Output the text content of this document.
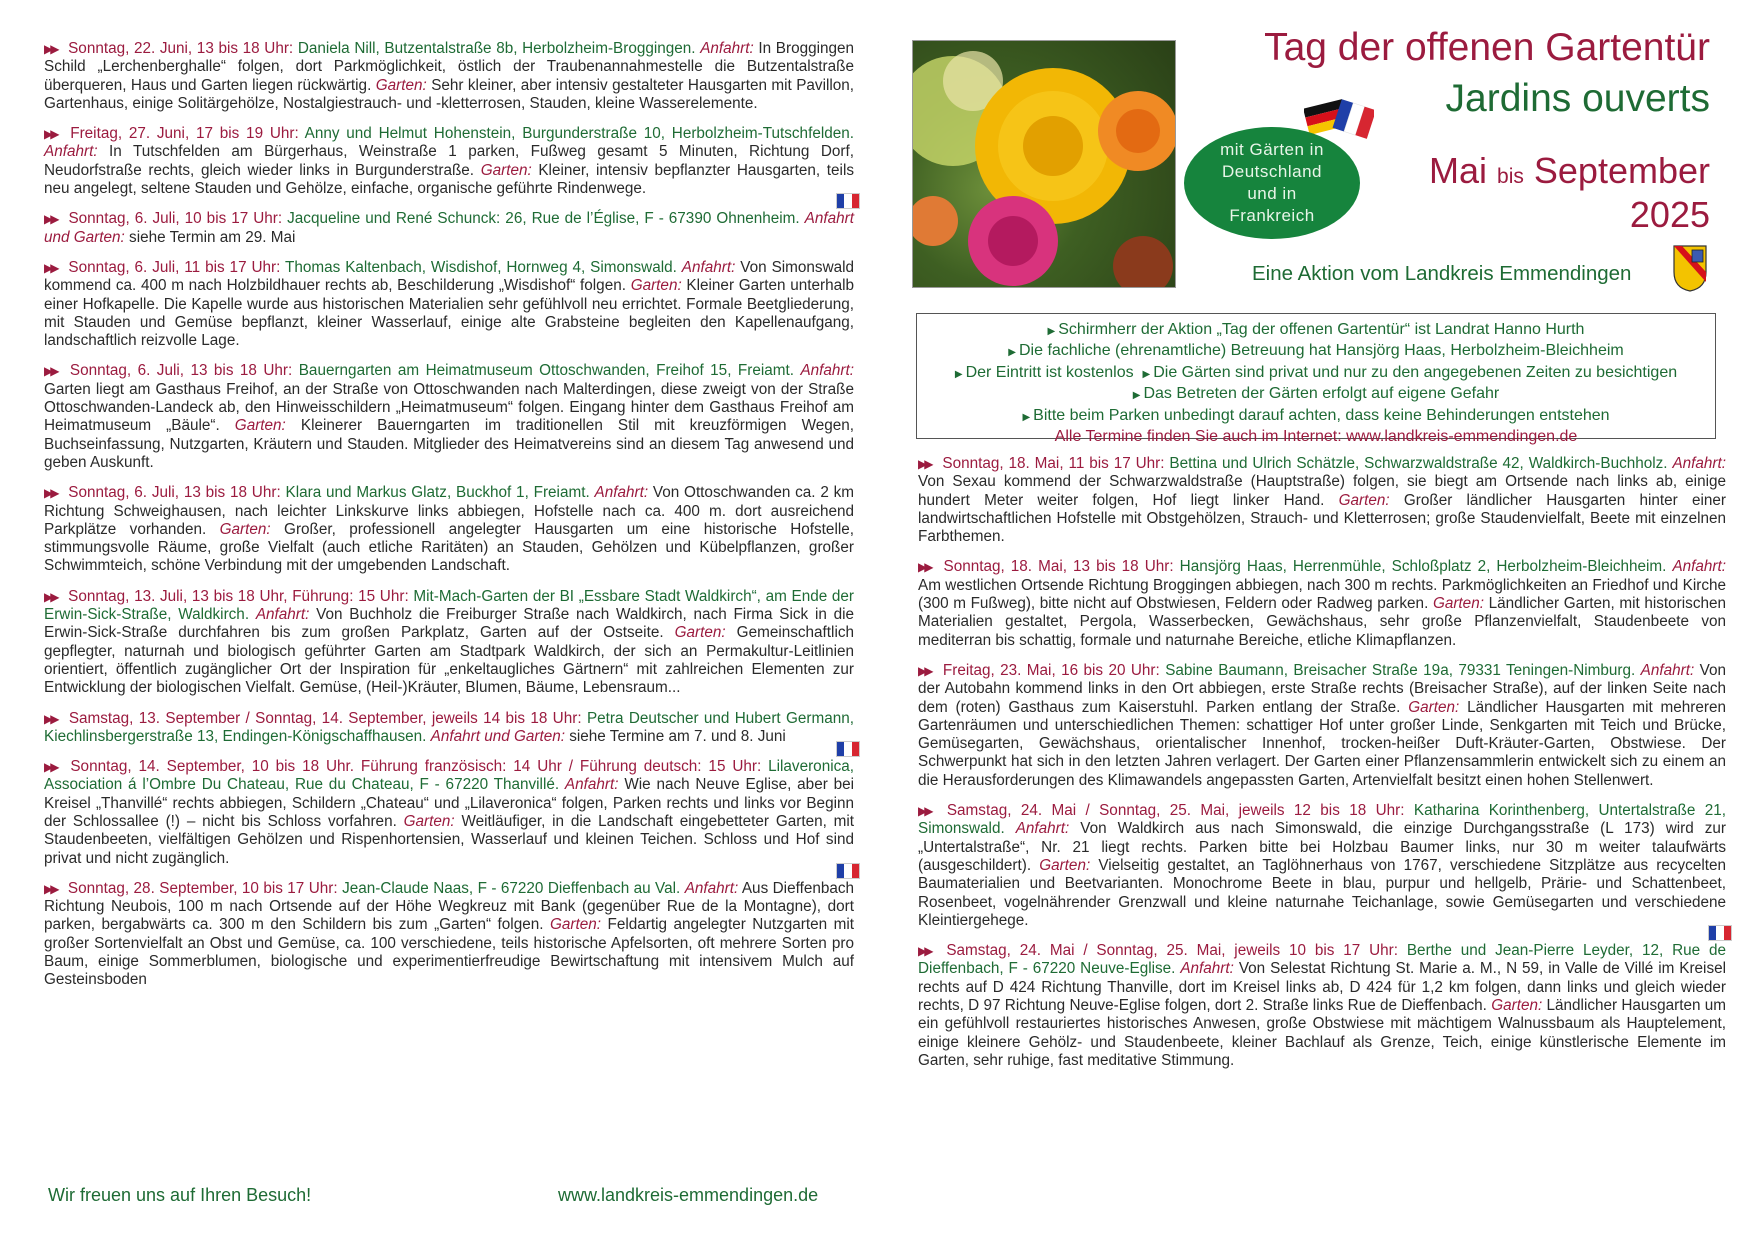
▶▶ Sonntag, 22. Juni, 13 bis 18 Uhr: Daniela Nill, Butzentalstraße 8b, Herbolzheim-Broggingen. Anfahrt: In Broggingen Schild „Lerchenberghalle“ folgen, dort Parkmöglichkeit, östlich der Traubenannahmestelle die Butzentalstraße überqueren, Haus und Garten liegen rückwärtig. Garten: Sehr kleiner, aber intensiv gestalteter Hausgarten mit Pavillon, Gartenhaus, einige Solitärgehölze, Nostalgiestrauch- und -kletterrosen, Stauden, kleine Wasserelemente.

▶▶ Freitag, 27. Juni, 17 bis 19 Uhr: Anny und Helmut Hohenstein, Burgunderstraße 10, Herbolzheim-Tutschfelden. Anfahrt: In Tutschfelden am Bürgerhaus, Weinstraße 1 parken, Fußweg gesamt 5 Minuten, Richtung Dorf, Neudorfstraße rechts, gleich wieder links in Burgunderstraße. Garten: Kleiner, intensiv bepflanzter Hausgarten, teils neu angelegt, seltene Stauden und Gehölze, einfache, organische geführte Rindenwege.

▶▶ Sonntag, 6. Juli, 10 bis 17 Uhr: Jacqueline und René Schunck: 26, Rue de l’Église, F - 67390 Ohnenheim. Anfahrt und Garten: siehe Termin am 29. Mai

▶▶ Sonntag, 6. Juli, 11 bis 17 Uhr: Thomas Kaltenbach, Wisdishof, Hornweg 4, Simonswald. Anfahrt: Von Simonswald kommend ca. 400 m nach Holzbildhauer rechts ab, Beschilderung „Wisdishof“ folgen. Garten: Kleiner Garten unterhalb einer Hofkapelle. Die Kapelle wurde aus historischen Materialien sehr gefühlvoll neu errichtet. Formale Beetgliederung, mit Stauden und Gemüse bepflanzt, kleiner Wasserlauf, einige alte Grabsteine begleiten den Kapellenaufgang, landschaftlich reizvolle Lage.

▶▶ Sonntag, 6. Juli, 13 bis 18 Uhr: Bauerngarten am Heimatmuseum Ottoschwanden, Freihof 15, Freiamt. Anfahrt: Garten liegt am Gasthaus Freihof, an der Straße von Ottoschwanden nach Malterdingen, diese zweigt von der Straße Ottoschwanden-Landeck ab, den Hinweisschildern „Heimatmuseum“ folgen. Eingang hinter dem Gasthaus Freihof am Heimatmuseum „Bäule“. Garten: Kleinerer Bauerngarten im traditionellen Stil mit kreuzförmigen Wegen, Buchseinfassung, Nutzgarten, Kräutern und Stauden. Mitglieder des Heimatvereins sind an diesem Tag anwesend und geben Auskunft.

▶▶ Sonntag, 6. Juli, 13 bis 18 Uhr: Klara und Markus Glatz, Buckhof 1, Freiamt. Anfahrt: Von Ottoschwanden ca. 2 km Richtung Schweighausen, nach leichter Linkskurve links abbiegen, Hofstelle nach ca. 400 m. dort ausreichend Parkplätze vorhanden. Garten: Großer, professionell angelegter Hausgarten um eine historische Hofstelle, stimmungsvolle Räume, große Vielfalt (auch etliche Raritäten) an Stauden, Gehölzen und Kübelpflanzen, großer Schwimmteich, schöne Verbindung mit der umgebenden Landschaft.

▶▶ Sonntag, 13. Juli, 13 bis 18 Uhr, Führung: 15 Uhr: Mit-Mach-Garten der BI „Essbare Stadt Waldkirch“, am Ende der Erwin-Sick-Straße, Waldkirch. Anfahrt: Von Buchholz die Freiburger Straße nach Waldkirch, nach Firma Sick in die Erwin-Sick-Straße durchfahren bis zum großen Parkplatz, Garten auf der Ostseite. Garten: Gemeinschaftlich gepflegter, naturnah und biologisch geführter Garten am Stadtpark Waldkirch, der sich an Permakultur-Leitlinien orientiert, öffentlich zugänglicher Ort der Inspiration für „enkeltaugliches Gärtnern“ mit zahlreichen Elementen zur Entwicklung der biologischen Vielfalt. Gemüse, (Heil-)Kräuter, Blumen, Bäume, Lebensraum...

▶▶ Samstag, 13. September / Sonntag, 14. September, jeweils 14 bis 18 Uhr: Petra Deutscher und Hubert Germann, Kiechlinsbergerstraße 13, Endingen-Königschaffhausen. Anfahrt und Garten: siehe Termine am 7. und 8. Juni

▶▶ Sonntag, 14. September, 10 bis 18 Uhr. Führung französisch: 14 Uhr / Führung deutsch: 15 Uhr: Lilaveronica, Association á l’Ombre Du Chateau, Rue du Chateau, F - 67220 Thanvillé. Anfahrt: Wie nach Neuve Eglise, aber bei Kreisel „Thanvillé“ rechts abbiegen, Schildern „Chateau“ und „Lilaveronica“ folgen, Parken rechts und links vor Beginn der Schlossallee (!) – nicht bis Schloss vorfahren. Garten: Weitläufiger, in die Landschaft eingebetteter Garten, mit Staudenbeeten, vielfältigen Gehölzen und Rispenhortensien, Wasserlauf und kleinen Teichen. Schloss und Hof sind privat und nicht zugänglich.

▶▶ Sonntag, 28. September, 10 bis 17 Uhr: Jean-Claude Naas, F - 67220 Dieffenbach au Val. Anfahrt: Aus Dieffenbach Richtung Neubois, 100 m nach Ortsende auf der Höhe Wegkreuz mit Bank (gegenüber Rue de la Montagne), dort parken, bergabwärts ca. 300 m den Schildern bis zum „Garten“ folgen. Garten: Feldartig angelegter Nutzgarten mit großer Sortenvielfalt an Obst und Gemüse, ca. 100 verschiedene, teils historische Apfelsorten, oft mehrere Sorten pro Baum, einige Sommerblumen, biologische und experimentierfreudige Bewirtschaftung mit intensivem Mulch auf Gesteinsboden

Wir freuen uns auf Ihren Besuch!	www.landkreis-emmendingen.de
mit Gärten in
Deutschland
und in
Frankreich
Tag der offenen Gartentür
Jardins ouverts
Mai bis September
2025
Eine Aktion vom Landkreis Emmendingen
▶ Schirmherr der Aktion „Tag der offenen Gartentür“ ist Landrat Hanno Hurth
▶ Die fachliche (ehrenamtliche) Betreuung hat Hansjörg Haas, Herbolzheim-Bleichheim
▶ Der Eintritt ist kostenlos ▶ Die Gärten sind privat und nur zu den angegebenen Zeiten zu besichtigen
▶ Das Betreten der Gärten erfolgt auf eigene Gefahr
▶ Bitte beim Parken unbedingt darauf achten, dass keine Behinderungen entstehen
Alle Termine finden Sie auch im Internet: www.landkreis-emmendingen.de

▶▶ Sonntag, 18. Mai, 11 bis 17 Uhr: Bettina und Ulrich Schätzle, Schwarzwaldstraße 42, Waldkirch-Buchholz. Anfahrt: Von Sexau kommend der Schwarzwaldstraße (Hauptstraße) folgen, sie biegt am Ortsende nach links ab, einige hundert Meter weiter folgen, Hof liegt linker Hand. Garten: Großer ländlicher Hausgarten hinter einer landwirtschaftlichen Hofstelle mit Obstgehölzen, Strauch- und Kletterrosen; große Staudenvielfalt, Beete mit einzelnen Farbthemen.

▶▶ Sonntag, 18. Mai, 13 bis 18 Uhr: Hansjörg Haas, Herrenmühle, Schloßplatz 2, Herbolzheim-Bleichheim. Anfahrt: Am westlichen Ortsende Richtung Broggingen abbiegen, nach 300 m rechts. Parkmöglichkeiten an Friedhof und Kirche (300 m Fußweg), bitte nicht auf Obstwiesen, Feldern oder Radweg parken. Garten: Ländlicher Garten, mit historischen Materialien gestaltet, Pergola, Wasserbecken, Gewächshaus, sehr große Pflanzenvielfalt, Staudenbeete von mediterran bis schattig, formale und naturnahe Bereiche, etliche Klimapflanzen.

▶▶ Freitag, 23. Mai, 16 bis 20 Uhr: Sabine Baumann, Breisacher Straße 19a, 79331 Teningen-Nimburg. Anfahrt: Von der Autobahn kommend links in den Ort abbiegen, erste Straße rechts (Breisacher Straße), auf der linken Seite nach dem (roten) Gasthaus zum Kaiserstuhl. Parken entlang der Straße. Garten: Ländlicher Hausgarten mit mehreren Gartenräumen und unterschiedlichen Themen: schattiger Hof unter großer Linde, Senkgarten mit Teich und Brücke, Gemüsegarten, Gewächshaus, orientalischer Innenhof, trocken-heißer Duft-Kräuter-Garten, Obstwiese. Der Schwerpunkt hat sich in den letzten Jahren verlagert. Der Garten einer Pflanzensammlerin entwickelt sich zu einem an die Herausforderungen des Klimawandels angepassten Garten, Artenvielfalt besitzt einen hohen Stellenwert.

▶▶ Samstag, 24. Mai / Sonntag, 25. Mai, jeweils 12 bis 18 Uhr: Katharina Korinthenberg, Untertalstraße 21, Simonswald. Anfahrt: Von Waldkirch aus nach Simonswald, die einzige Durchgangsstraße (L 173) wird zur „Untertalstraße“, Nr. 21 liegt rechts. Parken bitte bei Holzbau Baumer links, nur 30 m weiter talaufwärts (ausgeschildert). Garten: Vielseitig gestaltet, an Taglöhnerhaus von 1767, verschiedene Sitzplätze aus recycelten Baumaterialien und Beetvarianten. Monochrome Beete in blau, purpur und hellgelb, Prärie- und Schattenbeet, Rosenbeet, vogelnährender Grenzwall und kleine naturnahe Teichanlage, sowie Gemüsegarten und verschiedene Kleintiergehege.

▶▶ Samstag, 24. Mai / Sonntag, 25. Mai, jeweils 10 bis 17 Uhr: Berthe und Jean-Pierre Leyder, 12, Rue de Dieffenbach, F - 67220 Neuve-Eglise. Anfahrt: Von Selestat Richtung St. Marie a. M., N 59, in Valle de Villé im Kreisel rechts auf D 424 Richtung Thanville, dort im Kreisel links ab, D 424 für 1,2 km folgen, dann links und gleich wieder rechts, D 97 Richtung Neuve-Eglise folgen, dort 2. Straße links Rue de Dieffenbach. Garten: Ländlicher Hausgarten um ein gefühlvoll restauriertes historisches Anwesen, große Obstwiese mit mächtigem Walnussbaum als Hauptelement, einige kleinere Gehölz- und Staudenbeete, kleiner Bachlauf als Grenze, Teich, einige künstlerische Elemente im Garten, sehr ruhige, fast meditative Stimmung.
